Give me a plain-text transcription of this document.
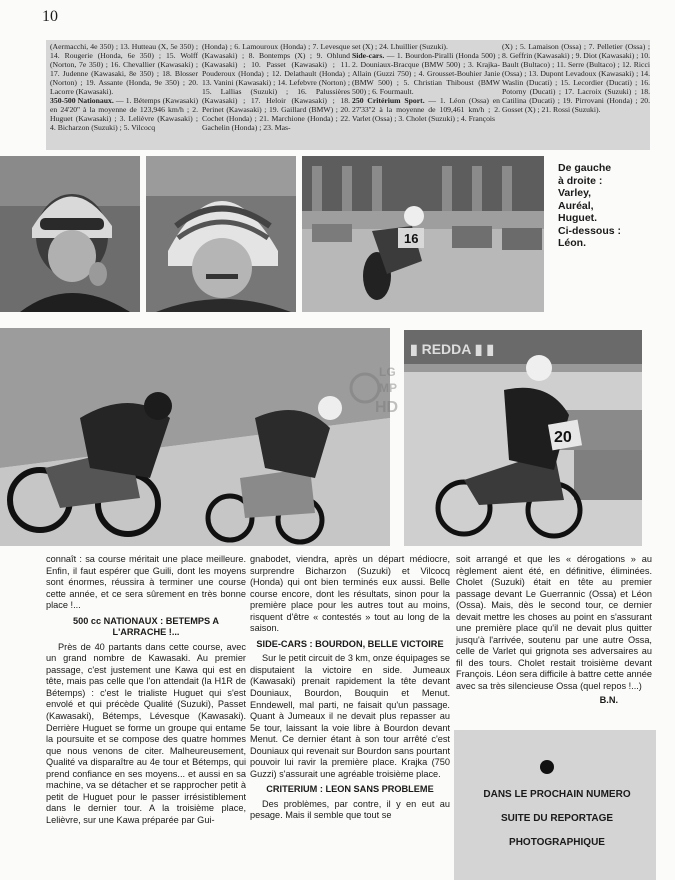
10
(Aermacchi, 4e 350) ; 13. Hutteau (X, 5e 350) ; 14. Rougerie (Honda, 6e 350) ; 15. Wolff (Norton, 7e 350) ; 16. Chevallier (Kawasaki) ; 17. Judenne (Kawasaki, 8e 350) ; 18. Blosser (Norton) ; 19. Assante (Honda, 9e 350) ; 20. Lacorre (Kawasaki).
350-500 Nationaux. — 1. Bétemps (Kawasaki) en 24'20'' à la moyenne de 123,946 km/h ; 2. Huguet (Kawasaki) ; 3. Lelièvre (Kawasaki) ; 4. Bicharzon (Suzuki) ; 5. Vilcocq
(Honda) ; 6. Lamouroux (Honda) ; 7. Levesque (Kawasaki) ; 8. Bontemps (X) ; 9. Ohlund (Kawasaki) ; 10. Passet (Kawasaki) ; 11. Pouderoux (Honda) ; 12. Delathault (Honda) ; 13. Vanini (Kawasaki) ; 14. Lefebvre (Norton) ; 15. Lallias (Suzuki) ; 16. Palussières (Kawasaki) ; 17. Heloir (Kawasaki) ; 18. Perinet (Kawasaki) ; 19. Gaillard (BMW) ; 20. Cochet (Honda) ; 21. Marchione (Honda) ; 22. Gachelin (Honda) ; 23. Mas-
set (X) ; 24. Lhuillier (Suzuki).
Side-cars. — 1. Bourdon-Piralli (Honda 500) ; 2. Douniaux-Bracque (BMW 500) ; 3. Krajka-Allain (Guzzi 750) ; 4. Grousset-Bouhier Janie (BMW 500) ; 5. Christian Thiboust (BMW 500) ; 6. Fourmault.
250 Critérium Sport. — 1. Léon (Ossa) en 27'33''2 à la moyenne de 109,461 km/h ; 2. Varlet (Ossa) ; 3. Cholet (Suzuki) ; 4. François
(X) ; 5. Lamaison (Ossa) ; 7. Pelletier (Ossa) ; 8. Geffrin (Kawasaki) ; 9. Diot (Kawasaki) ; 10. Bault (Bultaco) ; 11. Serre (Bultaco) ; 12. Ricci (Ossa) ; 13. Dupont Levadoux (Kawasaki) ; 14. Waslin (Ducati) ; 15. Lecordier (Ducati) ; 16. Potorny (Ducati) ; 17. Lacroix (Suzuki) ; 18. Catilina (Ducati) ; 19. Pirrovani (Honda) ; 20. Gosset (X) ; 21. Rossi (Suzuki).
16
De gauche
à droite :
Varley,
Auréal,
Huguet.
Ci-dessous :
Léon.
▮ REDDA ▮ ▮
20
LG
MP
HD

connaît : sa course méritait une place meilleure. Enfin, il faut espérer que Guili, dont les moyens sont énormes, réussira à terminer une course cette année, et ce sera sûrement en très bonne place !...

500 cc NATIONAUX : BETEMPS A L'ARRACHE !...

Près de 40 partants dans cette course, avec un grand nombre de Kawasaki. Au premier passage, c'est justement une Kawa qui est en tête, mais pas celle que l'on attendait (la H1R de Bétemps) : c'est le trialiste Huguet qui s'est envolé et qui précède Qualité (Suzuki), Passet (Kawasaki), Bétemps, Lévesque (Kawasaki). Derrière Huguet se forme un groupe qui entame la poursuite et se compose des quatre hommes que nous venons de citer. Malheureusement, Qualité va disparaître au 4e tour et Bétemps, qui prend confiance en ses moyens... et aussi en sa machine, va se détacher et se rapprocher petit à petit de Huguet pour le passer irrésistiblement dans le dernier tour. A la troisième place, Lelièvre, sur une Kawa préparée par Gui-

gnabodet, viendra, après un départ médiocre, surprendre Bicharzon (Suzuki) et Vilcocq (Honda) qui ont bien terminés eux aussi. Belle course encore, dont les résultats, sinon pour la première place pour les autres tout au moins, risquent d'être « contestés » tout au long de la saison.

SIDE-CARS : BOURDON, BELLE VICTOIRE

Sur le petit circuit de 3 km, onze équipages se disputaient la victoire en side. Jumeaux (Kawasaki) prenait rapidement la tête devant Douniaux, Bourdon, Bouquin et Menut. Enndewell, mal parti, ne faisait qu'un passage. Quant à Jumeaux il ne devait plus repasser au 5e tour, laissant la voie libre à Bourdon devant Menut. Ce dernier étant à son tour arrêté c'est Douniaux qui revenait sur Bourdon sans pourtant pouvoir lui ravir la première place. Krajka (750 Guzzi) s'assurait une agréable troisième place.

CRITERIUM : LEON SANS PROBLEME

Des problèmes, par contre, il y en eut au pesage. Mais il semble que tout se

soit arrangé et que les « dérogations » au règlement aient été, en définitive, éliminées. Cholet (Suzuki) était en tête au premier passage devant Le Guerrannic (Ossa) et Léon (Ossa). Mais, dès le second tour, ce dernier devait mettre les choses au point en s'assurant une première place qu'il ne devait plus quitter jusqu'à l'arrivée, soutenu par une autre Ossa, celle de Varlet qui grignota ses adversaires au fil des tours. Cholet restait troisième devant François. Léon sera difficile à battre cette année avec sa très silencieuse Ossa (quel repos !...)

B.N.

DANS LE PROCHAIN NUMERO
SUITE DU REPORTAGE
PHOTOGRAPHIQUE
